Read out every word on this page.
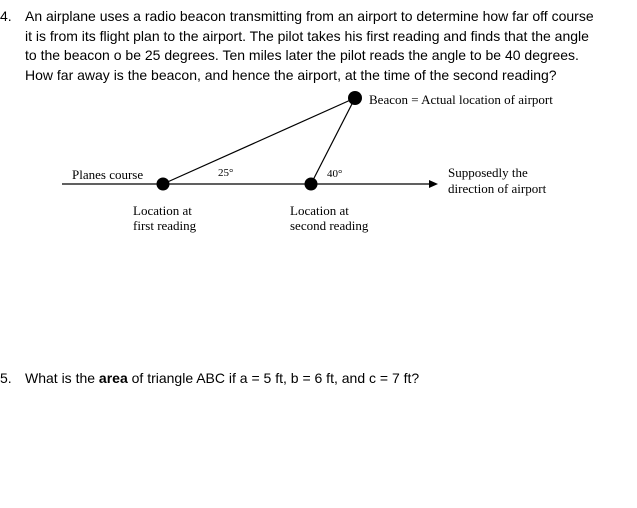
4. An airplane uses a radio beacon transmitting from an airport to determine how far off course it is from its flight plan to the airport. The pilot takes his first reading and finds that the angle to the beacon o be 25 degrees. Ten miles later the pilot reads the angle to be 40 degrees. How far away is the beacon, and hence the airport, at the time of the second reading?
Beacon = Actual location of airport
Planes course	25°	40°	Supposedly the
direction of airport
Location at
first reading
Location at
second reading
5. What is the area of triangle ABC if a = 5 ft, b = 6 ft, and c = 7 ft?
